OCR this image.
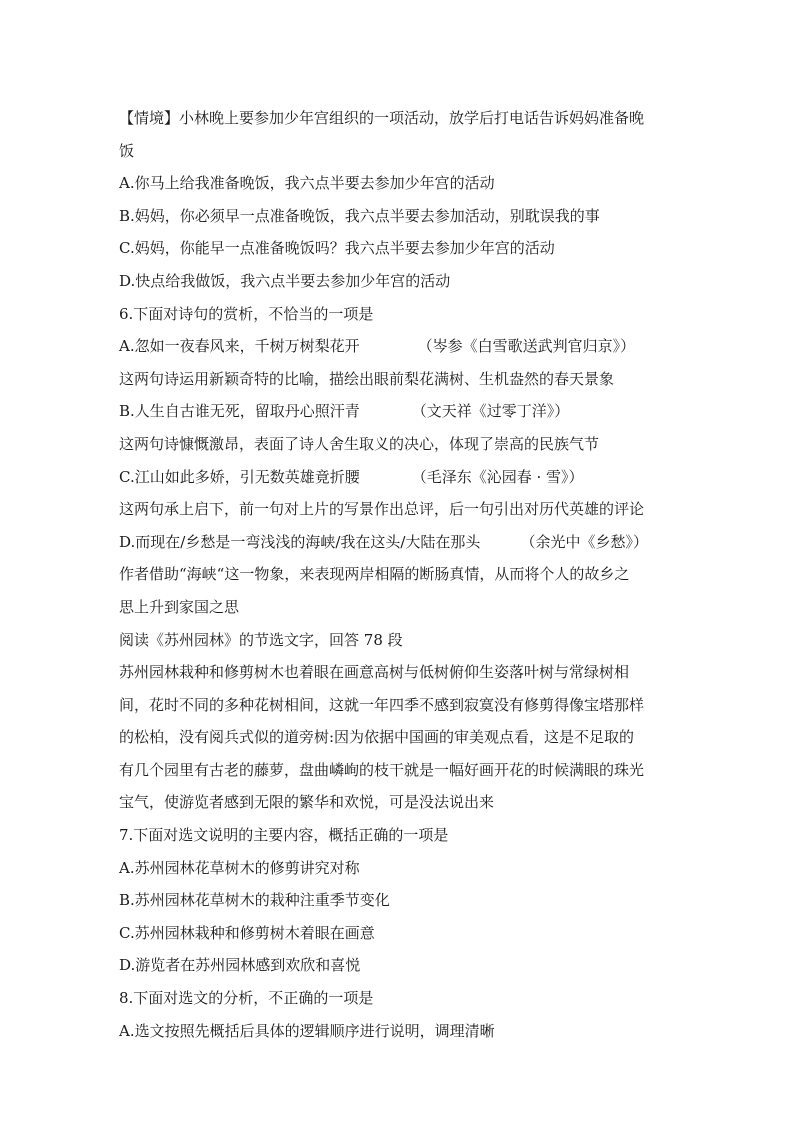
【情境】小林晚上要参加少年宫组织的一项活动，放学后打电话告诉妈妈准备晚
饭
A.你马上给我准备晚饭，我六点半要去参加少年宫的活动
B.妈妈，你必须早一点准备晚饭，我六点半要去参加活动，别耽误我的事
C.妈妈，你能早一点准备晚饭吗？我六点半要去参加少年宫的活动
D.快点给我做饭，我六点半要去参加少年宫的活动
6.下面对诗句的赏析，不恰当的一项是
A.忽如一夜春风来，千树万树梨花开	（岑参《白雪歌送武判官归京》）
这两句诗运用新颖奇特的比喻，描绘出眼前梨花满树、生机盎然的春天景象
B.人生自古谁无死，留取丹心照汗青	（文天祥《过零丁洋》）
这两句诗慷慨激昂，表面了诗人舍生取义的决心，体现了崇高的民族气节
C.江山如此多娇，引无数英雄竟折腰	（毛泽东《沁园春 · 雪》）
这两句承上启下，前一句对上片的写景作出总评，后一句引出对历代英雄的评论
D.而现在/乡愁是一弯浅浅的海峡/我在这头/大陆在那头	（余光中《乡愁》）
作者借助“海峡“这一物象，来表现两岸相隔的断肠真情，从而将个人的故乡之
思上升到家国之思
阅读《苏州园林》的节选文字，回答 78 段
苏州园林栽种和修剪树木也着眼在画意高树与低树俯仰生姿落叶树与常绿树相
间，花时不同的多种花树相间，这就一年四季不感到寂寞没有修剪得像宝塔那样
的松柏，没有阅兵式似的道旁树:因为依据中国画的审美观点看，这是不足取的
有几个园里有古老的藤萝，盘曲嶙峋的枝干就是一幅好画开花的时候满眼的珠光
宝气，使游览者感到无限的繁华和欢悦，可是没法说出来
7.下面对选文说明的主要内容，概括正确的一项是
A.苏州园林花草树木的修剪讲究对称
B.苏州园林花草树木的栽种注重季节变化
C.苏州园林栽种和修剪树木着眼在画意
D.游览者在苏州园林感到欢欣和喜悦
8.下面对选文的分析，不正确的一项是
A.选文按照先概括后具体的逻辑顺序进行说明，调理清晰
